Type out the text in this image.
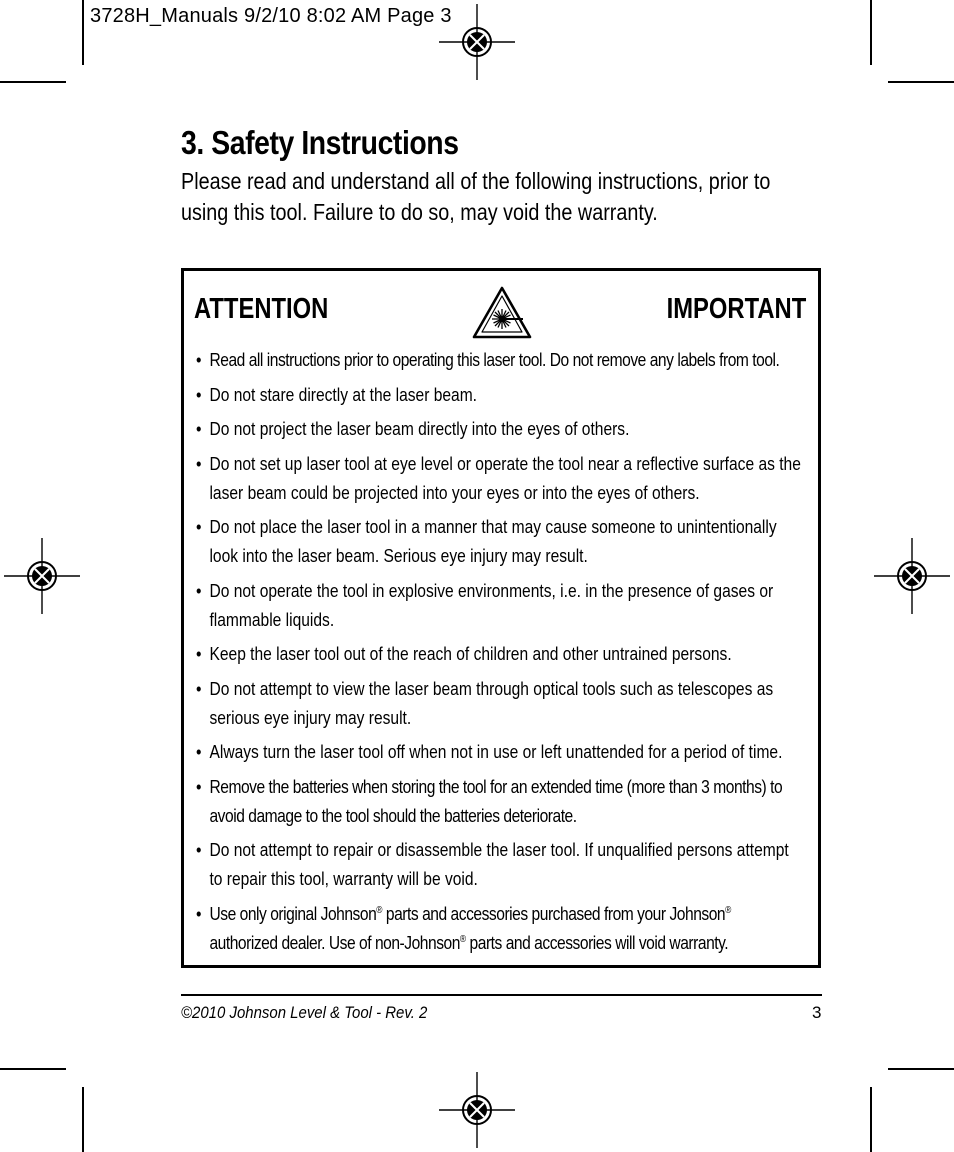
3728H_Manuals 9/2/10 8:02 AM Page 3
3. Safety Instructions
Please read and understand all of the following instructions, prior to using this tool. Failure to do so, may void the warranty.
ATTENTION	IMPORTANT
• Read all instructions prior to operating this laser tool. Do not remove any labels from tool.
• Do not stare directly at the laser beam.
• Do not project the laser beam directly into the eyes of others.
• Do not set up laser tool at eye level or operate the tool near a reflective surface as the laser beam could be projected into your eyes or into the eyes of others.
• Do not place the laser tool in a manner that may cause someone to unintentionally look into the laser beam. Serious eye injury may result.
• Do not operate the tool in explosive environments, i.e. in the presence of gases or flammable liquids.
• Keep the laser tool out of the reach of children and other untrained persons.
• Do not attempt to view the laser beam through optical tools such as telescopes as serious eye injury may result.
• Always turn the laser tool off when not in use or left unattended for a period of time.
• Remove the batteries when storing the tool for an extended time (more than 3 months) to avoid damage to the tool should the batteries deteriorate.
• Do not attempt to repair or disassemble the laser tool. If unqualified persons attempt to repair this tool, warranty will be void.
• Use only original Johnson® parts and accessories purchased from your Johnson®
authorized dealer. Use of non-Johnson® parts and accessories will void warranty.
©2010 Johnson Level & Tool - Rev. 2	3
